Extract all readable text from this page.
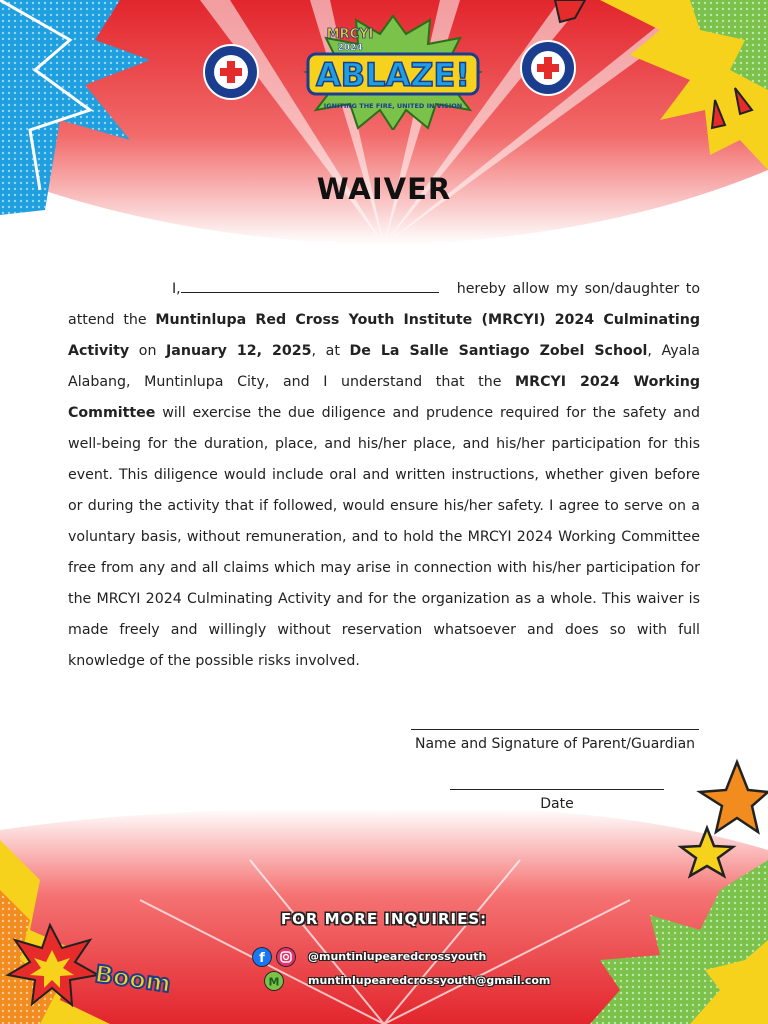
ABLAZE!
MRCYI
2024
IGNITING THE FIRE, UNITED IN VISION
WAIVER

I,	hereby allow my son/daughter to attend the Muntinlupa Red Cross Youth Institute (MRCYI) 2024 Culminating Activity on January 12, 2025, at De La Salle Santiago Zobel School, Ayala Alabang, Muntinlupa City, and I understand that the MRCYI 2024 Working Committee will exercise the due diligence and prudence required for the safety and well-being for the duration, place, and his/her place, and his/her participation for this event. This diligence would include oral and written instructions, whether given before or during the activity that if followed, would ensure his/her safety. I agree to serve on a voluntary basis, without remuneration, and to hold the MRCYI 2024 Working Committee free from any and all claims which may arise in connection with his/her participation for the MRCYI 2024 Culminating Activity and for the organization as a whole. This waiver is made freely and willingly without reservation whatsoever and does so with full knowledge of the possible risks involved.

Name and Signature of Parent/Guardian
Date
FOR MORE INQUIRIES:
f	@muntinlupearedcrossyouth
M	muntinlupearedcrossyouth@gmail.com
Boom
